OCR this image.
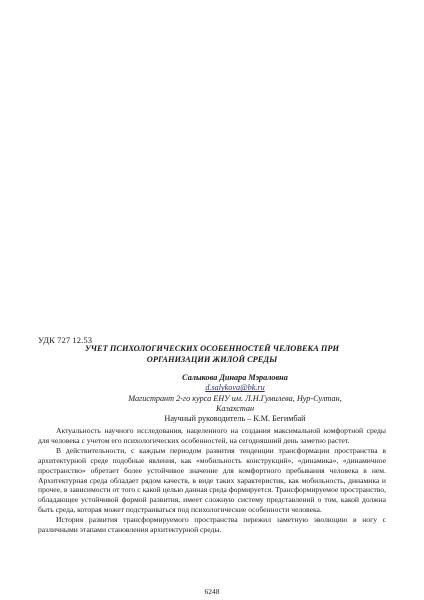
УДК 727 12.53
УЧЕТ ПСИХОЛОГИЧЕСКИХ ОСОБЕННОСТЕЙ ЧЕЛОВЕКА ПРИ
ОРГАНИЗАЦИИ ЖИЛОЙ СРЕДЫ
Салыкова Динара Мэраловна
d.salykova@bk.ru
Магистрант 2-го курса ЕНУ им. Л.Н.Гумилева, Нур-Султан, Казахстан
Научный руководитель – К.М. Бегимбай

Актуальность научного исследования, нацеленного на создания максимальной комфортной среды для человека с учетом его психологических особенностей, на сегодняшний день заметно растет.

В действительности, с каждым периодом развития тенденции трансформации пространства в архитектурной среде подобные явления, как «мобильность конструкций», «динамика», «динамичное пространство» обретает более устойчивое значение для комфортного пребывания человека в нем. Архитектурная среда обладает рядом качеств, в виде таких характеристик, как мобильность, динамика и прочее, в зависимости от того с какой целью данная среда формируется. Трансформируемое пространство, обладающее устойчивой формой развития, имеет сложную систему представлений о том, какой должна быть среда, которая может подстраиваться под психологические особенности человека.

История развития трансформируемого пространства пережил заметную эволюцию в ногу с различными этапами становления архитектурной среды.

6248
